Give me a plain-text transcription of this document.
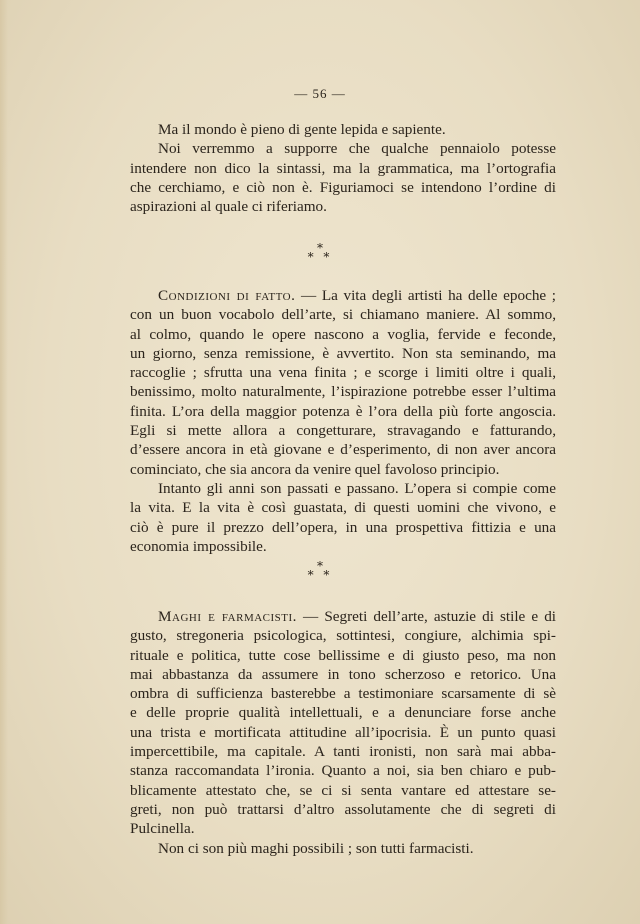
— 56 —
Ma il mondo è pieno di gente lepida e sapiente.
Noi verremmo a supporre che qualche pennaiolo potesse
intendere non dico la sintassi, ma la grammatica, ma l’ortografia
che cerchiamo, e ciò non è. Figuriamoci se intendono l’ordine di
aspirazioni al quale ci riferiamo.
*
* *
Condizioni di fatto. — La vita degli artisti ha delle epoche ;
con un buon vocabolo dell’arte, si chiamano maniere. Al sommo,
al colmo, quando le opere nascono a voglia, fervide e feconde,
un giorno, senza remissione, è avvertito. Non sta seminando, ma
raccoglie ; sfrutta una vena finita ; e scorge i limiti oltre i quali,
benissimo, molto naturalmente, l’ispirazione potrebbe esser l’ultima
finita. L’ora della maggior potenza è l’ora della più forte angoscia.
Egli si mette allora a congetturare, stravagando e fatturando,
d’essere ancora in età giovane e d’esperimento, di non aver ancora
cominciato, che sia ancora da venire quel favoloso principio.
Intanto gli anni son passati e passano. L’opera si compie come
la vita. E la vita è così guastata, di questi uomini che vivono, e
ciò è pure il prezzo dell’opera, in una prospettiva fittizia e una
economia impossibile.
*
* *
Maghi e farmacisti. — Segreti dell’arte, astuzie di stile e di
gusto, stregoneria psicologica, sottintesi, congiure, alchimia spi-
rituale e politica, tutte cose bellissime e di giusto peso, ma non
mai abbastanza da assumere in tono scherzoso e retorico. Una
ombra di sufficienza basterebbe a testimoniare scarsamente di sè
e delle proprie qualità intellettuali, e a denunciare forse anche
una trista e mortificata attitudine all’ipocrisia. È un punto quasi
impercettibile, ma capitale. A tanti ironisti, non sarà mai abba-
stanza raccomandata l’ironia. Quanto a noi, sia ben chiaro e pub-
blicamente attestato che, se ci si senta vantare ed attestare se-
greti, non può trattarsi d’altro assolutamente che di segreti di
Pulcinella.
Non ci son più maghi possibili ; son tutti farmacisti.
